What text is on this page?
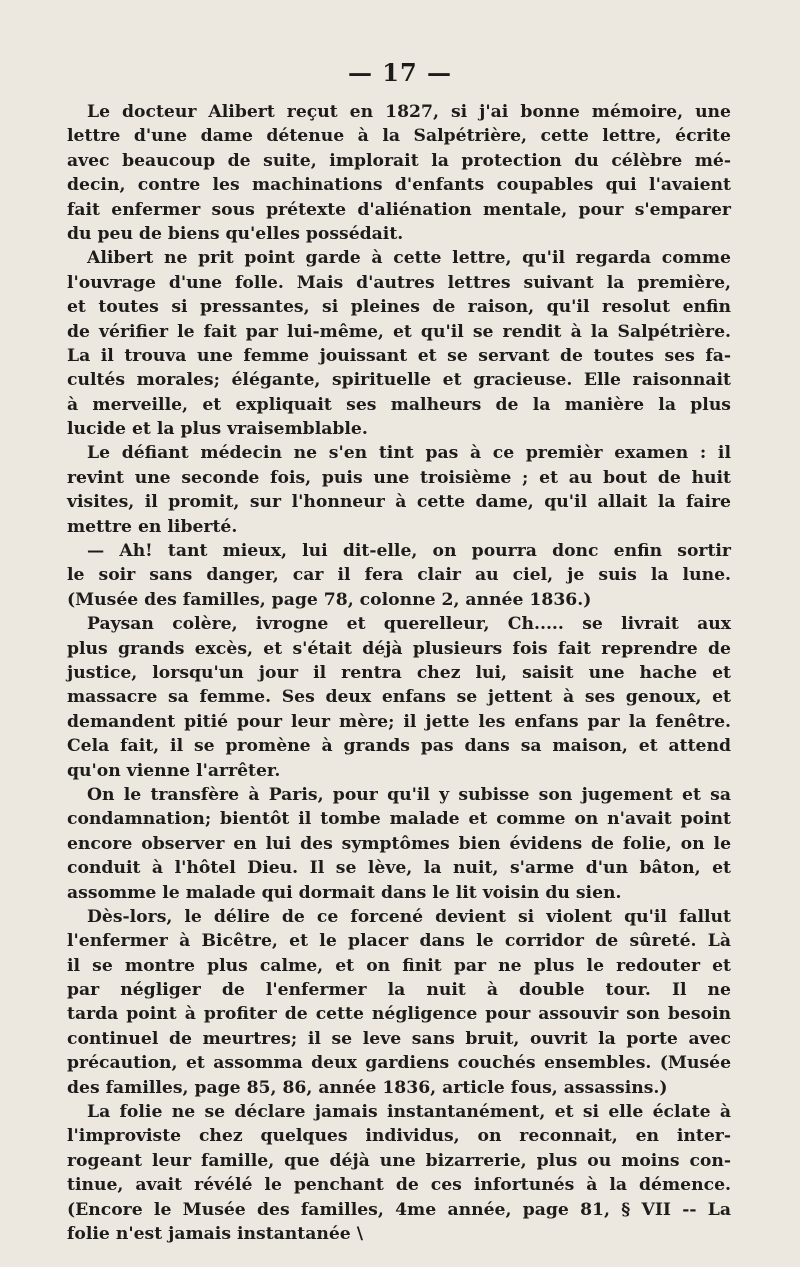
— 17 —
Le docteur Alibert reçut en 1827, si j'ai bonne mémoire, une
lettre d'une dame détenue à la Salpétrière, cette lettre, écrite
avec beaucoup de suite, implorait la protection du célèbre mé-
decin, contre les machinations d'enfants coupables qui l'avaient
fait enfermer sous prétexte d'aliénation mentale, pour s'emparer
du peu de biens qu'elles possédait.
Alibert ne prit point garde à cette lettre, qu'il regarda comme
l'ouvrage d'une folle. Mais d'autres lettres suivant la première,
et toutes si pressantes, si pleines de raison, qu'il resolut enfin
de vérifier le fait par lui-même, et qu'il se rendit à la Salpétrière.
La il trouva une femme jouissant et se servant de toutes ses fa-
cultés morales; élégante, spirituelle et gracieuse. Elle raisonnait
à merveille, et expliquait ses malheurs de la manière la plus
lucide et la plus vraisemblable.
Le défiant médecin ne s'en tint pas à ce premièr examen : il
revint une seconde fois, puis une troisième ; et au bout de huit
visites, il promit, sur l'honneur à cette dame, qu'il allait la faire
mettre en liberté.
— Ah! tant mieux, lui dit-elle, on pourra donc enfin sortir
le soir sans danger, car il fera clair au ciel, je suis la lune.
(Musée des familles, page 78, colonne 2, année 1836.)
Paysan colère, ivrogne et querelleur, Ch..... se livrait aux
plus grands excès, et s'était déjà plusieurs fois fait reprendre de
justice, lorsqu'un jour il rentra chez lui, saisit une hache et
massacre sa femme. Ses deux enfans se jettent à ses genoux, et
demandent pitié pour leur mère; il jette les enfans par la fenêtre.
Cela fait, il se promène à grands pas dans sa maison, et attend
qu'on vienne l'arrêter.
On le transfère à Paris, pour qu'il y subisse son jugement et sa
condamnation; bientôt il tombe malade et comme on n'avait point
encore observer en lui des symptômes bien évidens de folie, on le
conduit à l'hôtel Dieu. Il se lève, la nuit, s'arme d'un bâton, et
assomme le malade qui dormait dans le lit voisin du sien.
Dès-lors, le délire de ce forcené devient si violent qu'il fallut
l'enfermer à Bicêtre, et le placer dans le corridor de sûreté. Là
il se montre plus calme, et on finit par ne plus le redouter et
par négliger de l'enfermer la nuit à double tour. Il ne
tarda point à profiter de cette négligence pour assouvir son besoin
continuel de meurtres; il se leve sans bruit, ouvrit la porte avec
précaution, et assomma deux gardiens couchés ensembles. (Musée
des familles, page 85, 86, année 1836, article fous, assassins.)
La folie ne se déclare jamais instantanément, et si elle éclate à
l'improviste chez quelques individus, on reconnait, en inter-
rogeant leur famille, que déjà une bizarrerie, plus ou moins con-
tinue, avait révélé le penchant de ces infortunés à la démence.
(Encore le Musée des familles, 4me année, page 81, § VII -- La
folie n'est jamais instantanée \
